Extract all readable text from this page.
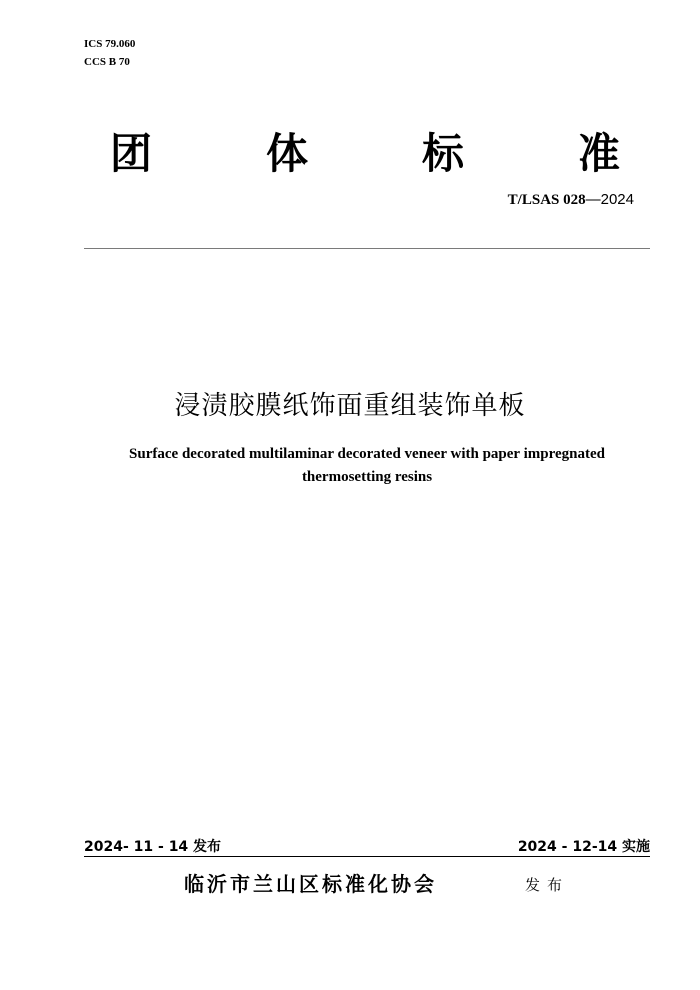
ICS 79.060
CCS B 70
团	体	标	准
T/LSAS 028—2024
浸渍胶膜纸饰面重组装饰单板
Surface decorated multilaminar decorated veneer with paper impregnated
thermosetting resins
2024- 11 - 14 发布	2024 - 12-14 实施
临沂市兰山区标准化协会	发布
